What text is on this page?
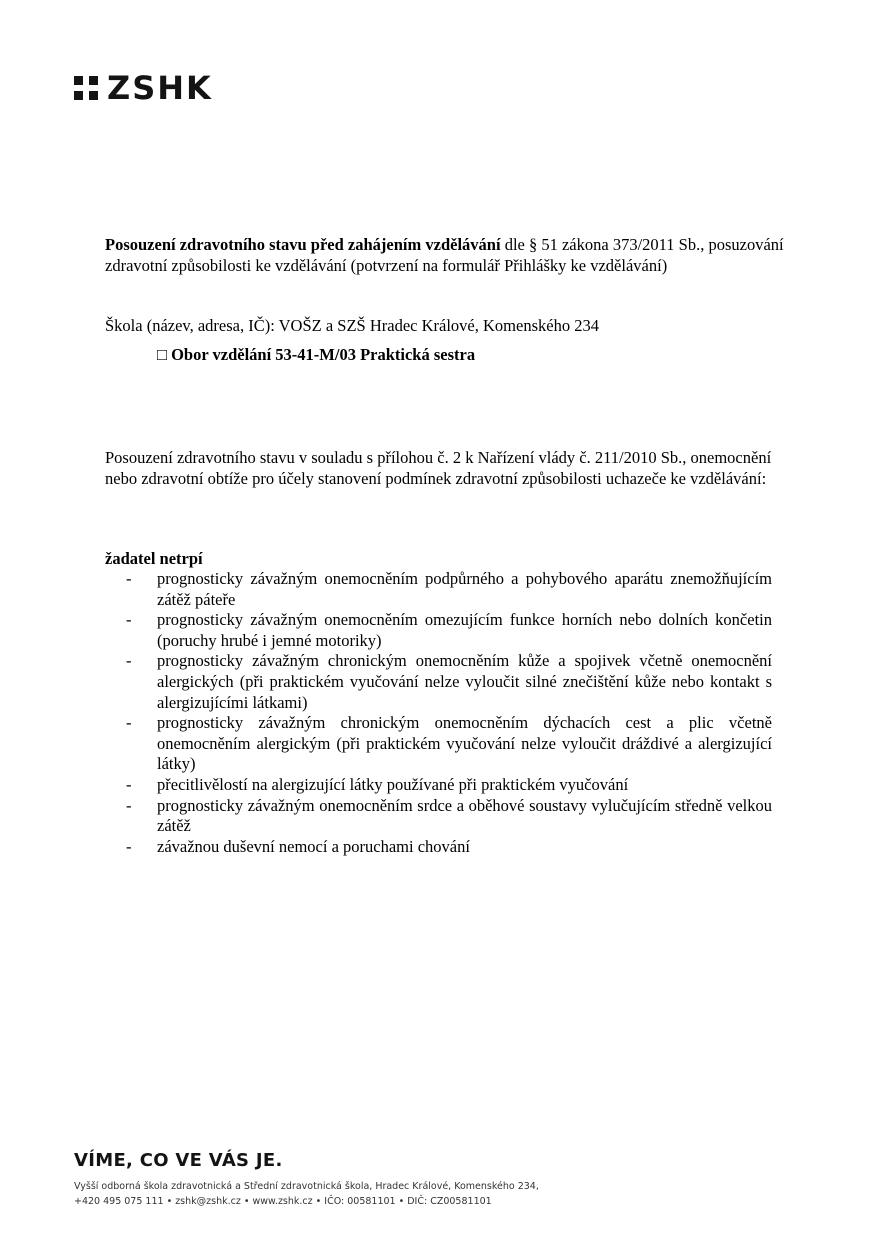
ZSHK
Posouzení zdravotního stavu před zahájením vzdělávání dle § 51 zákona 373/2011 Sb., posuzování zdravotní způsobilosti ke vzdělávání (potvrzení na formulář Přihlášky ke vzdělávání)
Škola (název, adresa, IČ): VOŠZ a SZŠ Hradec Králové, Komenského 234
□ Obor vzdělání 53-41-M/03 Praktická sestra
Posouzení zdravotního stavu v souladu s přílohou č. 2 k Nařízení vlády č. 211/2010 Sb., onemocnění nebo zdravotní obtíže pro účely stanovení podmínek zdravotní způsobilosti uchazeče ke vzdělávání:
žadatel netrpí
- prognosticky závažným onemocněním podpůrného a pohybového aparátu znemožňujícím zátěž páteře
- prognosticky závažným onemocněním omezujícím funkce horních nebo dolních končetin (poruchy hrubé i jemné motoriky)
- prognosticky závažným chronickým onemocněním kůže a spojivek včetně onemocnění alergických (při praktickém vyučování nelze vyloučit silné znečištění kůže nebo kontakt s alergizujícími látkami)
- prognosticky závažným chronickým onemocněním dýchacích cest a plic včetně onemocněním alergickým (při praktickém vyučování nelze vyloučit dráždivé a alergizující látky)
- přecitlivělostí na alergizující látky používané při praktickém vyučování
- prognosticky závažným onemocněním srdce a oběhové soustavy vylučujícím středně velkou zátěž
- závažnou duševní nemocí a poruchami chování
VÍME, CO VE VÁS JE.
Vyšší odborná škola zdravotnická a Střední zdravotnická škola, Hradec Králové, Komenského 234,
+420 495 075 111 • zshk@zshk.cz • www.zshk.cz • IČO: 00581101 • DIČ: CZ00581101
